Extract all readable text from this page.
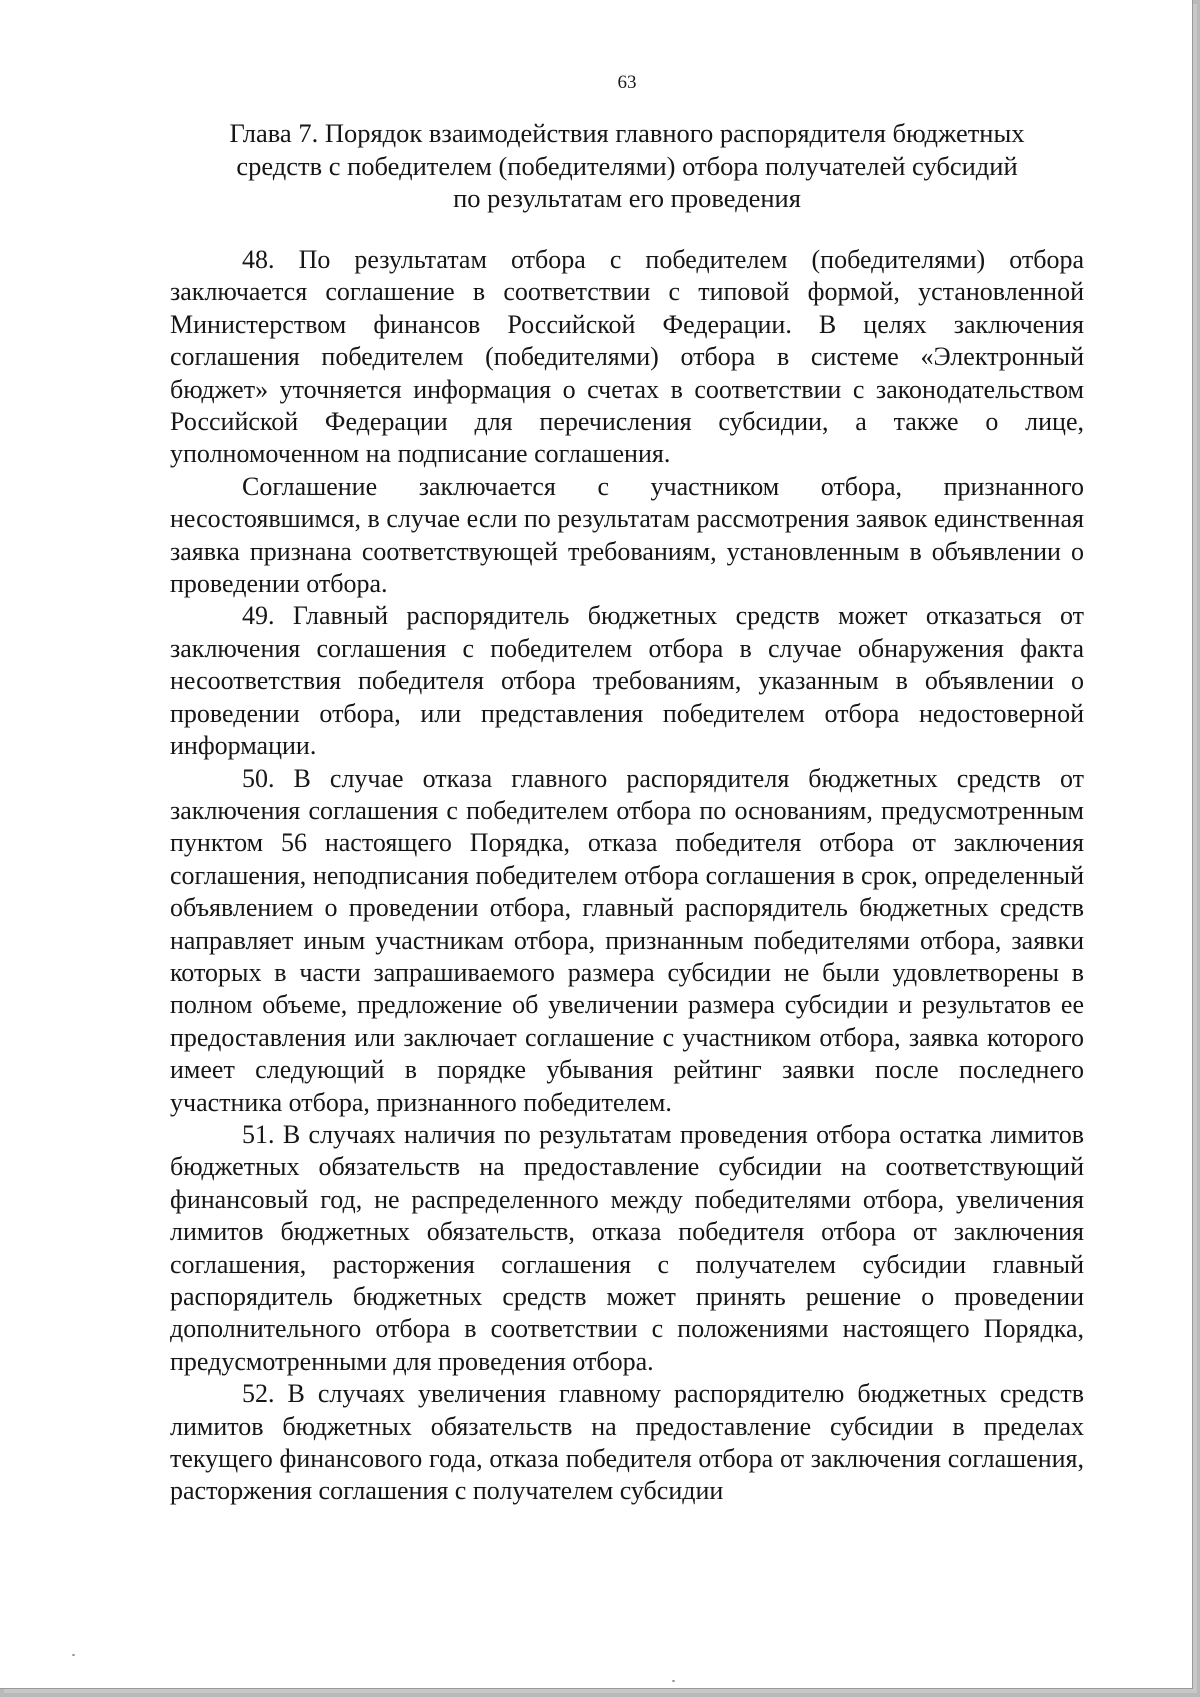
63
Глава 7. Порядок взаимодействия главного распорядителя бюджетных
средств с победителем (победителями) отбора получателей субсидий
по результатам его проведения

48. По результатам отбора с победителем (победителями) отбора заключается соглашение в соответствии с типовой формой, установленной Министерством финансов Российской Федерации. В целях заключения соглашения победителем (победителями) отбора в системе «Электронный бюджет» уточняется информация о счетах в соответствии с законодательством Российской Федерации для перечисления субсидии, а также о лице, уполномоченном на подписание соглашения.

Соглашение заключается с участником отбора, признанного несостоявшимся, в случае если по результатам рассмотрения заявок единственная заявка признана соответствующей требованиям, установленным в объявлении о проведении отбора.

49. Главный распорядитель бюджетных средств может отказаться от заключения соглашения с победителем отбора в случае обнаружения факта несоответствия победителя отбора требованиям, указанным в объявлении о проведении отбора, или представления победителем отбора недостоверной информации.

50. В случае отказа главного распорядителя бюджетных средств от заключения соглашения с победителем отбора по основаниям, предусмотренным пунктом 56 настоящего Порядка, отказа победителя отбора от заключения соглашения, неподписания победителем отбора соглашения в срок, определенный объявлением о проведении отбора, главный распорядитель бюджетных средств направляет иным участникам отбора, признанным победителями отбора, заявки которых в части запрашиваемого размера субсидии не были удовлетворены в полном объеме, предложение об увеличении размера субсидии и результатов ее предоставления или заключает соглашение с участником отбора, заявка которого имеет следующий в порядке убывания рейтинг заявки после последнего участника отбора, признанного победителем.

51. В случаях наличия по результатам проведения отбора остатка лимитов бюджетных обязательств на предоставление субсидии на соответствующий финансовый год, не распределенного между победителями отбора, увеличения лимитов бюджетных обязательств, отказа победителя отбора от заключения соглашения, расторжения соглашения с получателем субсидии главный распорядитель бюджетных средств может принять решение о проведении дополнительного отбора в соответствии с положениями настоящего Порядка, предусмотренными для проведения отбора.

52. В случаях увеличения главному распорядителю бюджетных средств лимитов бюджетных обязательств на предоставление субсидии в пределах текущего финансового года, отказа победителя отбора от заключения соглашения, расторжения соглашения с получателем субсидии
